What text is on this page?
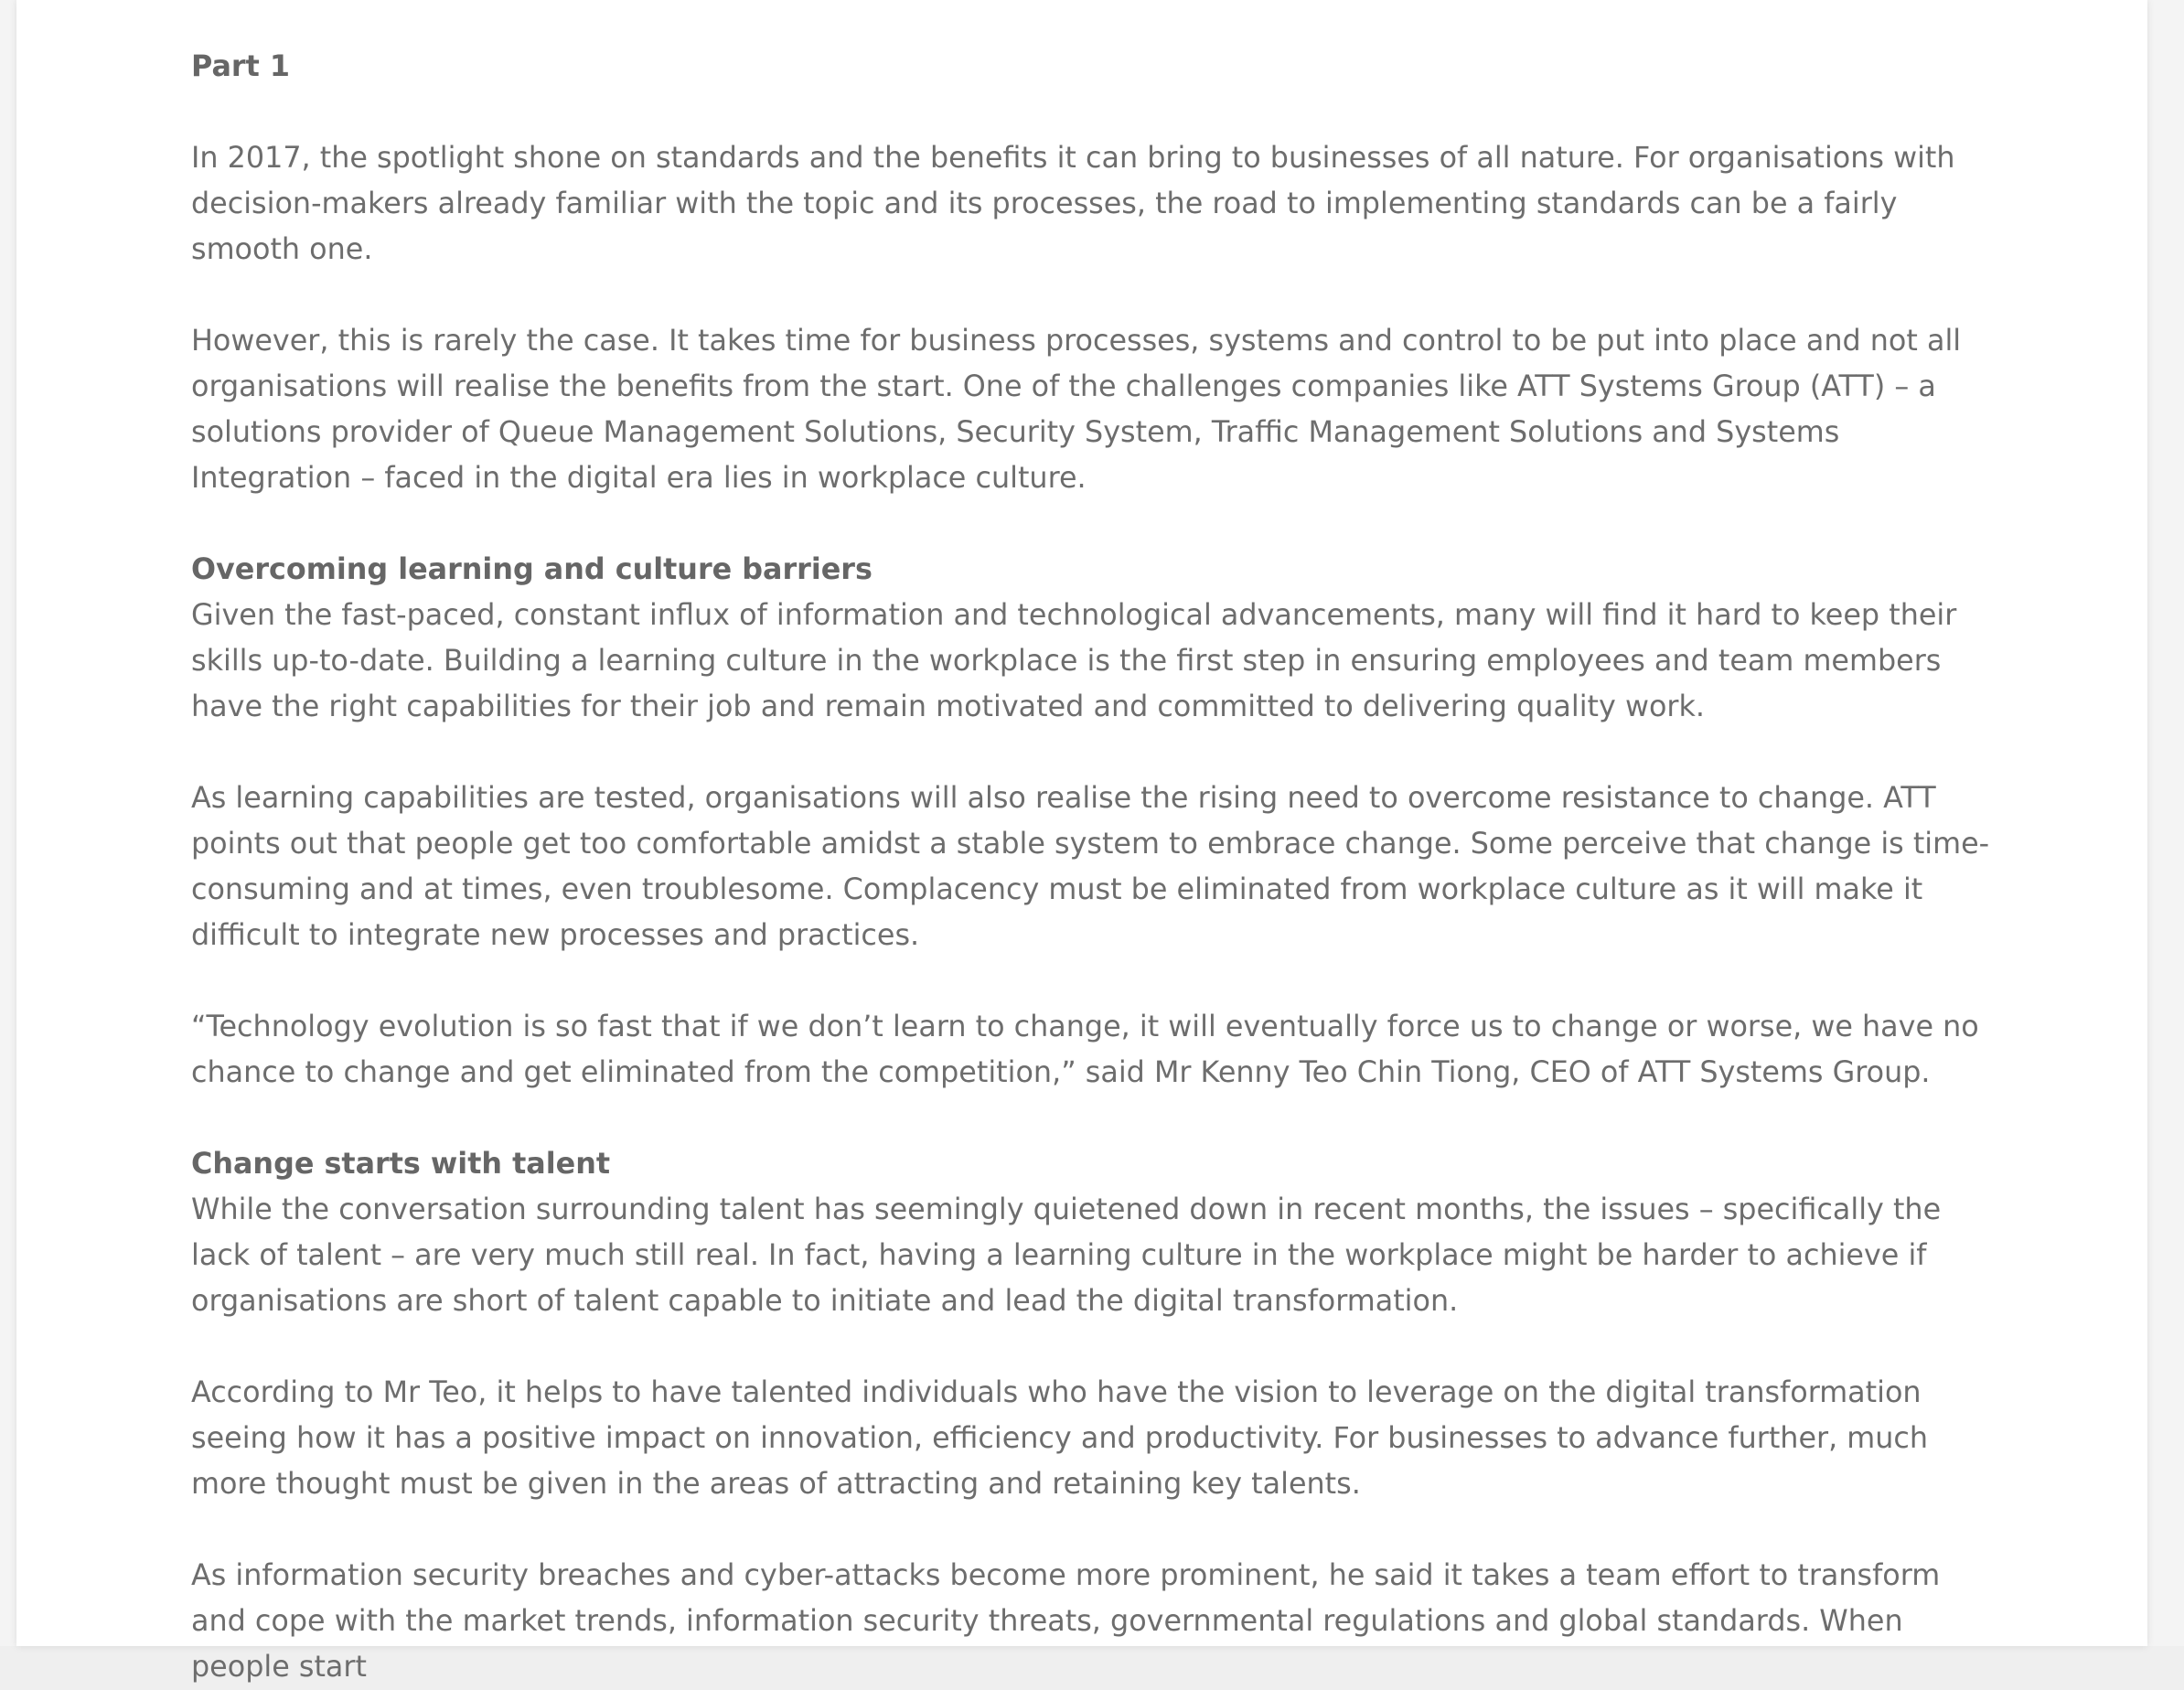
Part 1

In 2017, the spotlight shone on standards and the benefits it can bring to businesses of all nature. For organisations with decision-makers already familiar with the topic and its processes, the road to implementing standards can be a fairly smooth one.

However, this is rarely the case. It takes time for business processes, systems and control to be put into place and not all organisations will realise the benefits from the start. One of the challenges companies like ATT Systems Group (ATT) – a solutions provider of Queue Management Solutions, Security System, Traffic Management Solutions and Systems Integration – faced in the digital era lies in workplace culture.

Overcoming learning and culture barriers

Given the fast-paced, constant influx of information and technological advancements, many will find it hard to keep their skills up-to-date. Building a learning culture in the workplace is the first step in ensuring employees and team members have the right capabilities for their job and remain motivated and committed to delivering quality work.

As learning capabilities are tested, organisations will also realise the rising need to overcome resistance to change. ATT points out that people get too comfortable amidst a stable system to embrace change. Some perceive that change is time-consuming and at times, even troublesome. Complacency must be eliminated from workplace culture as it will make it difficult to integrate new processes and practices.

“Technology evolution is so fast that if we don’t learn to change, it will eventually force us to change or worse, we have no chance to change and get eliminated from the competition,” said Mr Kenny Teo Chin Tiong, CEO of ATT Systems Group.

Change starts with talent

While the conversation surrounding talent has seemingly quietened down in recent months, the issues – specifically the lack of talent – are very much still real. In fact, having a learning culture in the workplace might be harder to achieve if organisations are short of talent capable to initiate and lead the digital transformation.

According to Mr Teo, it helps to have talented individuals who have the vision to leverage on the digital transformation seeing how it has a positive impact on innovation, efficiency and productivity. For businesses to advance further, much more thought must be given in the areas of attracting and retaining key talents.

As information security breaches and cyber-attacks become more prominent, he said it takes a team effort to transform and cope with the market trends, information security threats, governmental regulations and global standards. When people start
